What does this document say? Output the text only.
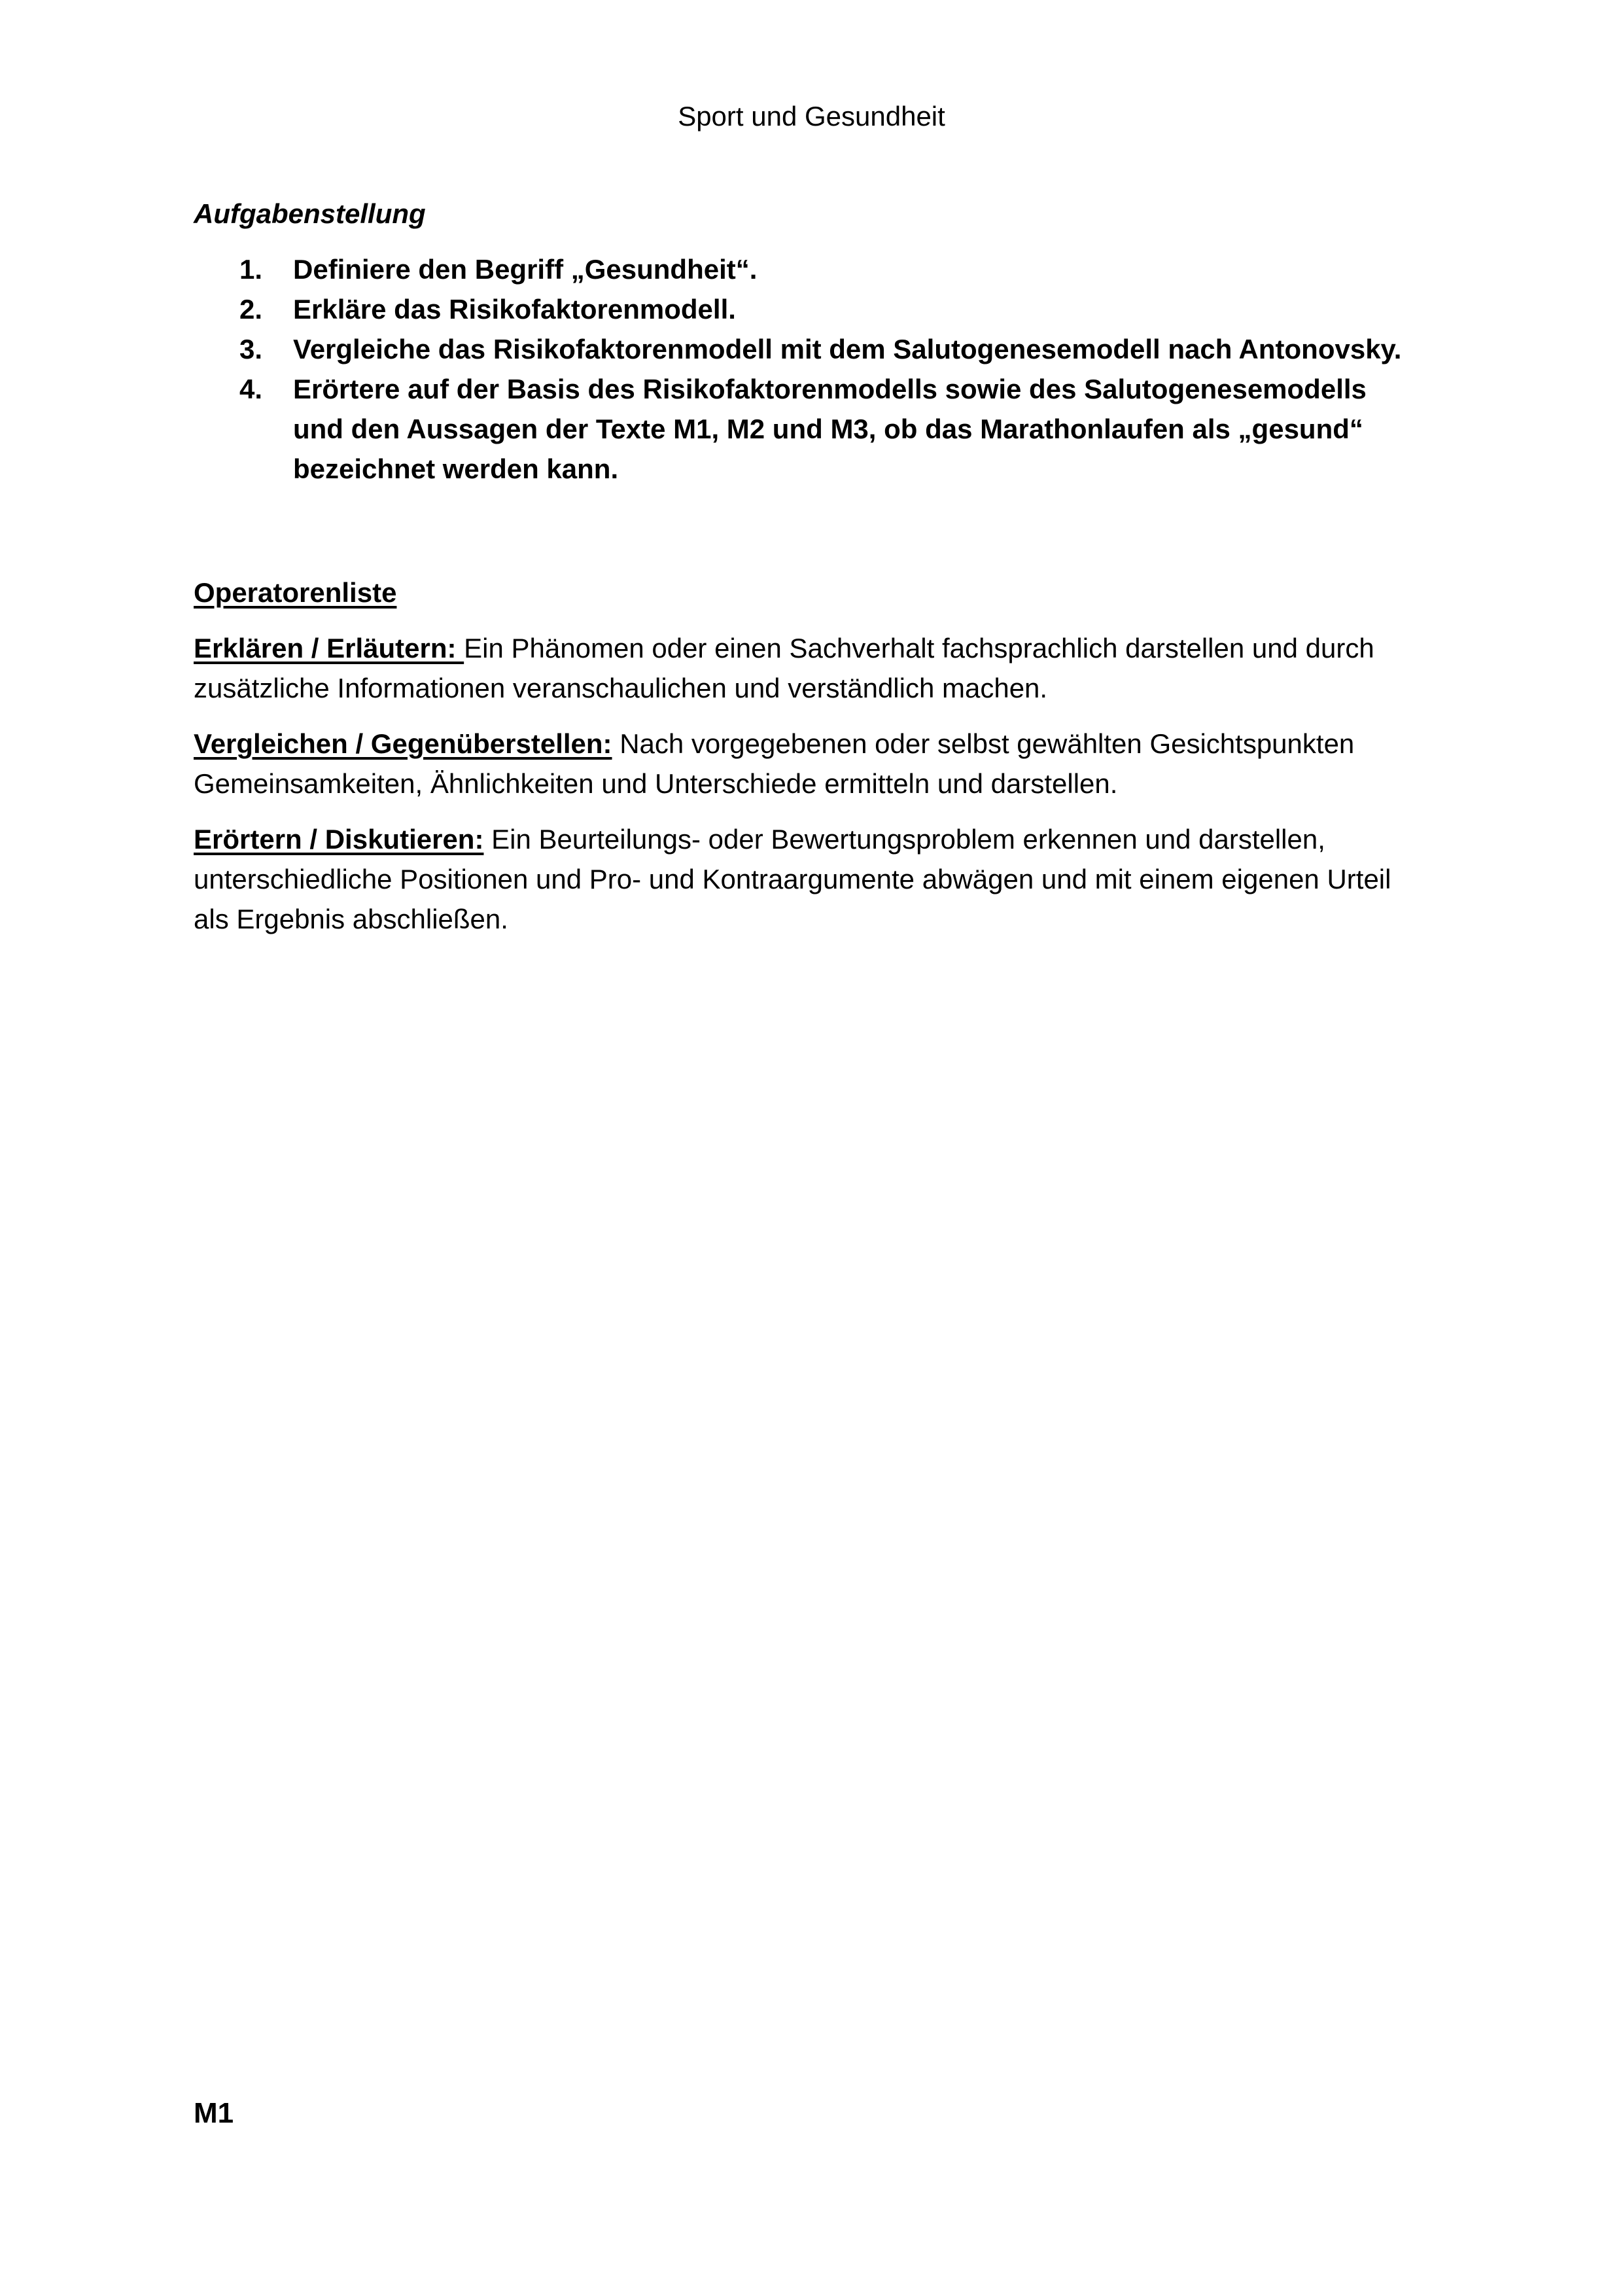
Sport und Gesundheit

Aufgabenstellung

1.	Definiere den Begriff „Gesundheit“.
2.	Erkläre das Risikofaktorenmodell.
3.	Vergleiche das Risikofaktorenmodell mit dem Salutogenesemodell nach Antonovsky.
4.	Erörtere auf der Basis des Risikofaktorenmodells sowie des Salutogenesemodells und den Aussagen der Texte M1, M2 und M3, ob das Marathonlaufen als „gesund“ bezeichnet werden kann.

Operatorenliste

Erklären / Erläutern: Ein Phänomen oder einen Sachverhalt fachsprachlich darstellen und durch zusätzliche Informationen veranschaulichen und verständlich machen.

Vergleichen / Gegenüberstellen: Nach vorgegebenen oder selbst gewählten Gesichtspunkten Gemeinsamkeiten, Ähnlichkeiten und Unterschiede ermitteln und darstellen.

Erörtern / Diskutieren: Ein Beurteilungs- oder Bewertungsproblem erkennen und darstellen, unterschiedliche Positionen und Pro- und Kontraargumente abwägen und mit einem eigenen Urteil als Ergebnis abschließen.

M1
